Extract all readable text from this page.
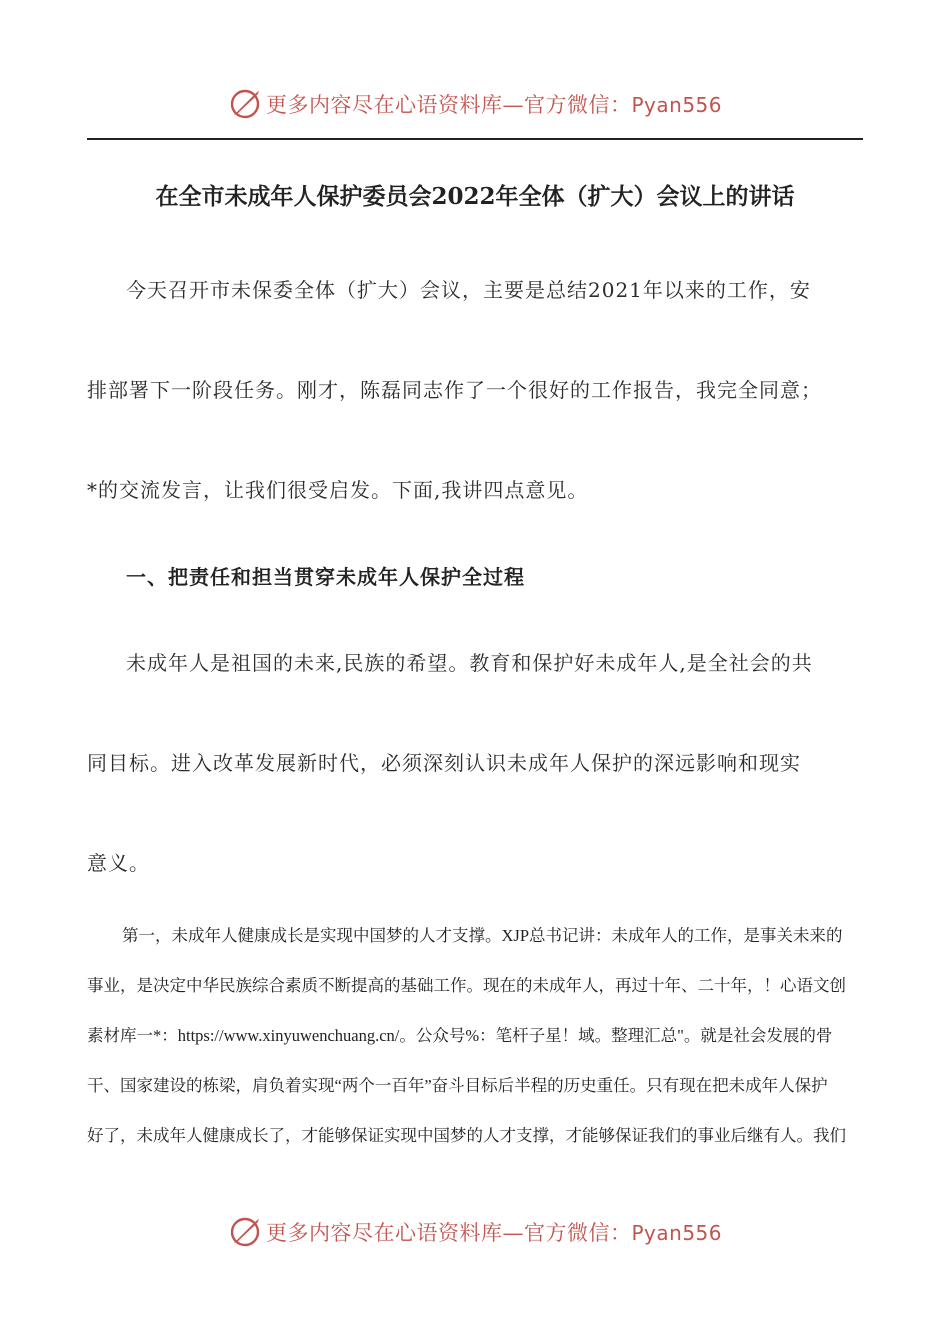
更多内容尽在心语资料库—官方微信：Pyan556
在全市未成年人保护委员会2022年全体（扩大）会议上的讲话
今天召开市未保委全体（扩大）会议，主要是总结2021年以来的工作，安
排部署下一阶段任务。刚才，陈磊同志作了一个很好的工作报告，我完全同意；
*的交流发言，让我们很受启发。下面,我讲四点意见。
一、把责任和担当贯穿未成年人保护全过程
未成年人是祖国的未来,民族的希望。教育和保护好未成年人,是全社会的共
同目标。进入改革发展新时代，必须深刻认识未成年人保护的深远影响和现实
意义。
第一，未成年人健康成长是实现中国梦的人才支撑。XJP总书记讲：未成年人的工作，是事关未来的
事业，是决定中华民族综合素质不断提高的基础工作。现在的未成年人，再过十年、二十年，！心语文创
素材库一*：https://www.xinyuwenchuang.cn/。公众号%：笔杆子星！域。整理汇总"。就是社会发展的骨
干、国家建设的栋梁，肩负着实现“两个一百年”奋斗目标后半程的历史重任。只有现在把未成年人保护
好了，未成年人健康成长了，才能够保证实现中国梦的人才支撑，才能够保证我们的事业后继有人。我们
更多内容尽在心语资料库—官方微信：Pyan556
